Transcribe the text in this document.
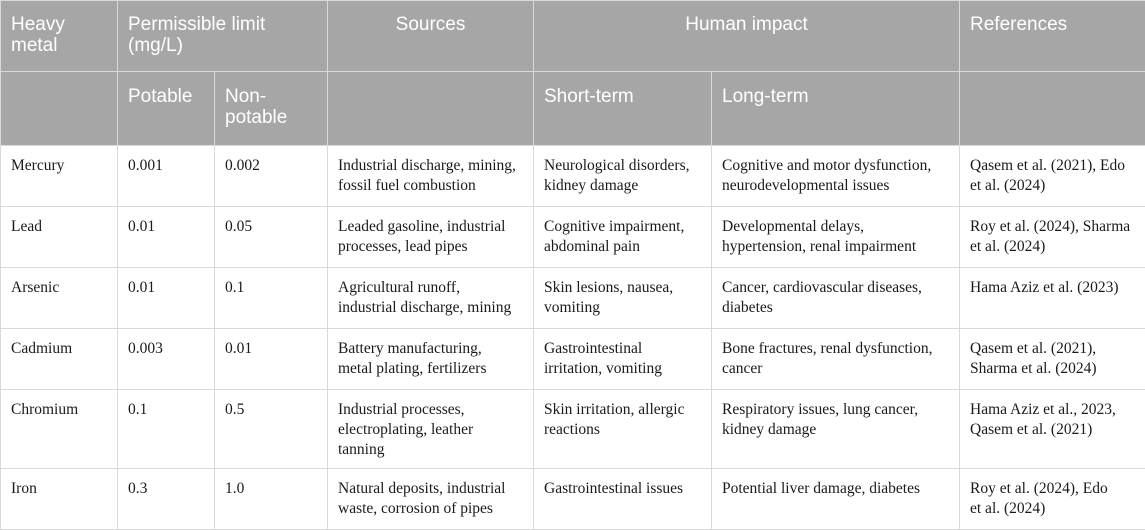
Heavy
metal	Permissible limit
(mg/L)		Sources	Human impact		References
	Potable	Non-
potable		Short-term	Long-term	
Mercury	0.001	0.002	Industrial discharge, mining,
fossil fuel combustion	Neurological disorders,
kidney damage	Cognitive and motor dysfunction,
neurodevelopmental issues	Qasem et al. (2021), Edo
et al. (2024)

Lead	0.01	0.05	Leaded gasoline, industrial
processes, lead pipes	Cognitive impairment,
abdominal pain	Developmental delays,
hypertension, renal impairment	Roy et al. (2024), Sharma
et al. (2024)

Arsenic	0.01	0.1	Agricultural runoff,
industrial discharge, mining	Skin lesions, nausea,
vomiting	Cancer, cardiovascular diseases,
diabetes	Hama Aziz et al. (2023)

Cadmium	0.003	0.01	Battery manufacturing,
metal plating, fertilizers	Gastrointestinal
irritation, vomiting	Bone fractures, renal dysfunction,
cancer	Qasem et al. (2021),
Sharma et al. (2024)

Chromium	0.1	0.5	Industrial processes,
electroplating, leather
tanning	Skin irritation, allergic
reactions	Respiratory issues, lung cancer,
kidney damage	Hama Aziz et al., 2023,
Qasem et al. (2021)

Iron	0.3	1.0	Natural deposits, industrial
waste, corrosion of pipes	Gastrointestinal issues	Potential liver damage, diabetes	Roy et al. (2024), Edo
et al. (2024)
